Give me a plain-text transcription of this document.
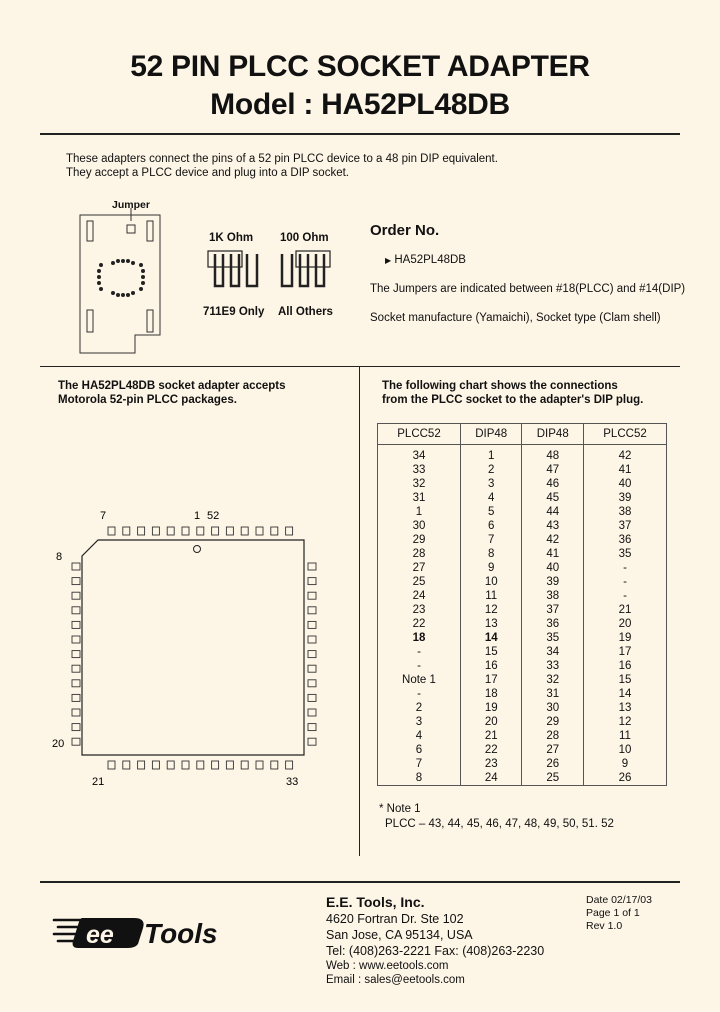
52 PIN PLCC SOCKET ADAPTER
Model : HA52PL48DB
These adapters connect the pins of a 52 pin PLCC device to a 48 pin DIP equivalent.
They accept a PLCC device and plug into a DIP socket.
Jumper
1K Ohm 100 Ohm
711E9 Only All Others
Order No.
▶ HA52PL48DB
The Jumpers are indicated between #18(PLCC) and #14(DIP)
Socket manufacture (Yamaichi), Socket type (Clam shell)
The HA52PL48DB socket adapter accepts
Motorola 52-pin PLCC packages.
7	1 52
8
20
21	33
The following chart shows the connections
from the PLCC socket to the adapter's DIP plug.
PLCC52	DIP48	DIP48	PLCC52

34	1	48	42
33	2	47	41
32	3	46	40
31	4	45	39
1	5	44	38
30	6	43	37
29	7	42	36
28	8	41	35
27	9	40	-
25	10	39	-
24	11	38	-
23	12	37	21
22	13	36	20
18	14	35	19
-	15	34	17
-	16	33	16
Note 1	17	32	15
-	18	31	14
2	19	30	13
3	20	29	12
4	21	28	11
6	22	27	10
7	23	26	9
8	24	25	26
* Note 1
PLCC – 43, 44, 45, 46, 47, 48, 49, 50, 51. 52
ee Tools
E.E. Tools, Inc.
4620 Fortran Dr. Ste 102
San Jose, CA 95134, USA
Tel: (408)263-2221 Fax: (408)263-2230
Web : www.eetools.com
Email : sales@eetools.com
Date 02/17/03
Page 1 of 1
Rev 1.0
